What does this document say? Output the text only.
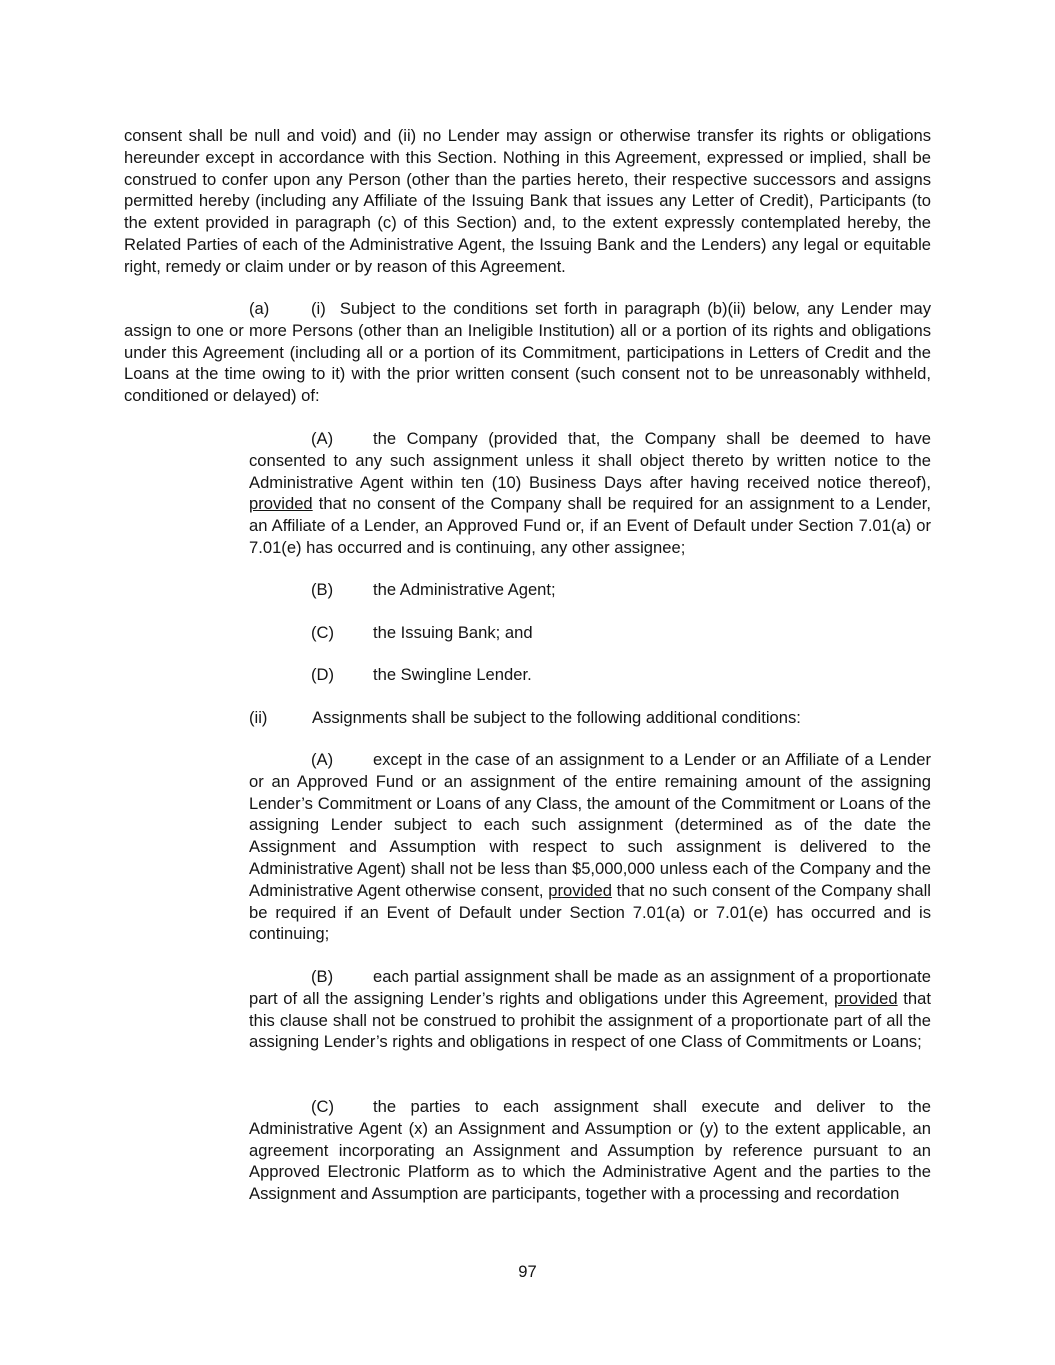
consent shall be null and void) and (ii) no Lender may assign or otherwise transfer its rights or obligations hereunder except in accordance with this Section. Nothing in this Agreement, expressed or implied, shall be construed to confer upon any Person (other than the parties hereto, their respective successors and assigns permitted hereby (including any Affiliate of the Issuing Bank that issues any Letter of Credit), Participants (to the extent provided in paragraph (c) of this Section) and, to the extent expressly contemplated hereby, the Related Parties of each of the Administrative Agent, the Issuing Bank and the Lenders) any legal or equitable right, remedy or claim under or by reason of this Agreement.

(a)	(i) Subject to the conditions set forth in paragraph (b)(ii) below, any Lender may assign to one or more Persons (other than an Ineligible Institution) all or a portion of its rights and obligations under this Agreement (including all or a portion of its Commitment, participations in Letters of Credit and the Loans at the time owing to it) with the prior written consent (such consent not to be unreasonably withheld, conditioned or delayed) of:

(A) the Company (provided that, the Company shall be deemed to have consented to any such assignment unless it shall object thereto by written notice to the Administrative Agent within ten (10) Business Days after having received notice thereof), provided that no consent of the Company shall be required for an assignment to a Lender, an Affiliate of a Lender, an Approved Fund or, if an Event of Default under Section 7.01(a) or 7.01(e) has occurred and is continuing, any other assignee;

(B) the Administrative Agent;

(C) the Issuing Bank; and

(D) the Swingline Lender.

(ii)	Assignments shall be subject to the following additional conditions:

(A) except in the case of an assignment to a Lender or an Affiliate of a Lender or an Approved Fund or an assignment of the entire remaining amount of the assigning Lender’s Commitment or Loans of any Class, the amount of the Commitment or Loans of the assigning Lender subject to each such assignment (determined as of the date the Assignment and Assumption with respect to such assignment is delivered to the Administrative Agent) shall not be less than $5,000,000 unless each of the Company and the Administrative Agent otherwise consent, provided that no such consent of the Company shall be required if an Event of Default under Section 7.01(a) or 7.01(e) has occurred and is continuing;

(B) each partial assignment shall be made as an assignment of a proportionate part of all the assigning Lender’s rights and obligations under this Agreement, provided that this clause shall not be construed to prohibit the assignment of a proportionate part of all the assigning Lender’s rights and obligations in respect of one Class of Commitments or Loans;

(C) the parties to each assignment shall execute and deliver to the Administrative Agent (x) an Assignment and Assumption or (y) to the extent applicable, an agreement incorporating an Assignment and Assumption by reference pursuant to an Approved Electronic Platform as to which the Administrative Agent and the parties to the Assignment and Assumption are participants, together with a processing and recordation

97
